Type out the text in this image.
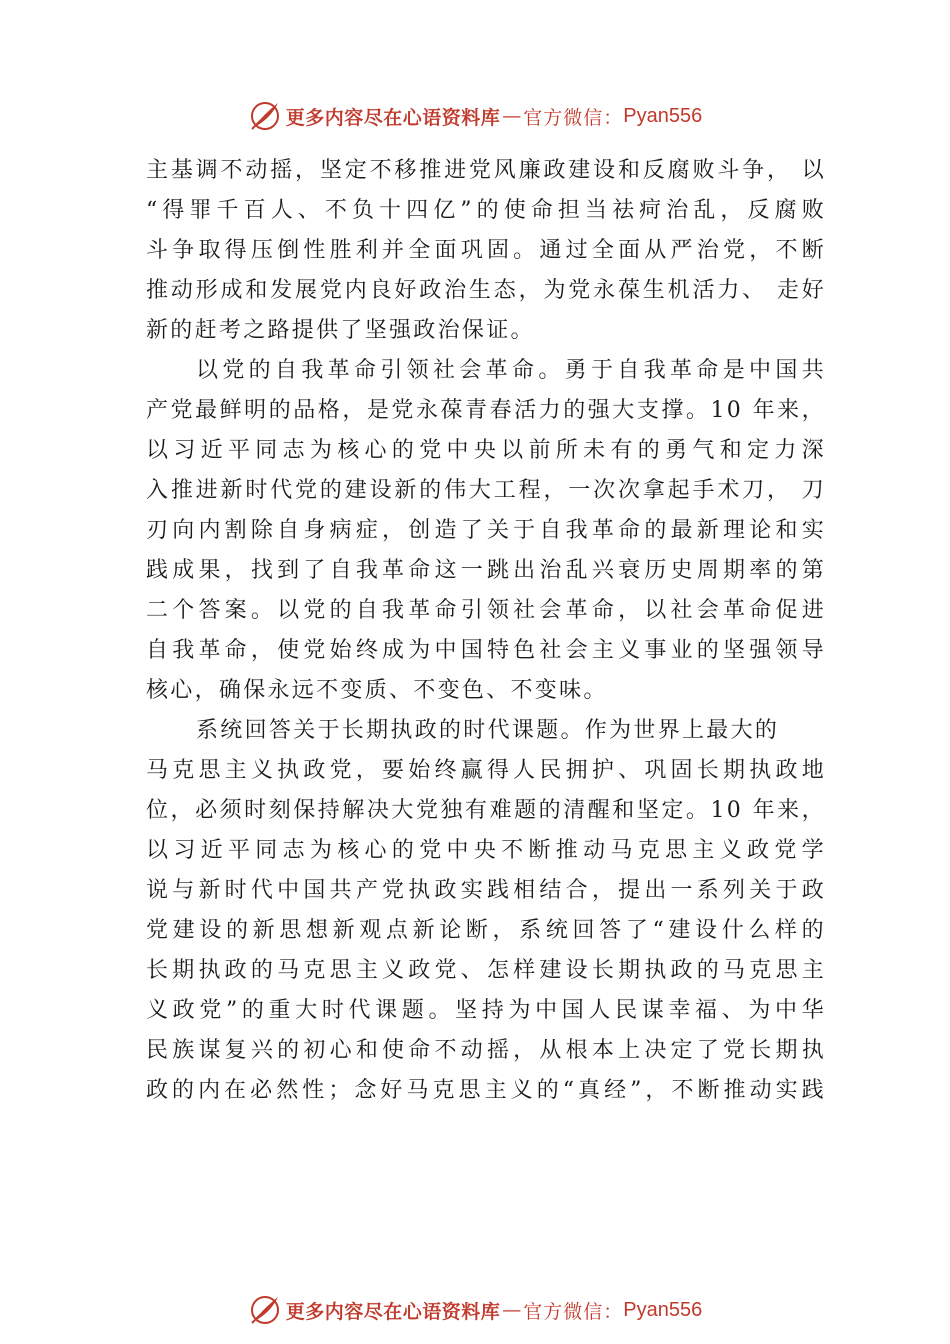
更多内容尽在心语资料库 — 官方微信： Pyan556
主基调不动摇，坚定不移推进党风廉政建设和反腐败斗争， 以
“得罪千百人、不负十四亿”的使命担当祛疴治乱，反腐败
斗争取得压倒性胜利并全面巩固。通过全面从严治党，不断
推动形成和发展党内良好政治生态，为党永葆生机活力、 走好
新的赶考之路提供了坚强政治保证。
以党的自我革命引领社会革命。勇于自我革命是中国共
产党最鲜明的品格，是党永葆青春活力的强大支撑。10 年来，
以习近平同志为核心的党中央以前所未有的勇气和定力深
入推进新时代党的建设新的伟大工程，一次次拿起手术刀， 刀
刃向内割除自身病症，创造了关于自我革命的最新理论和实
践成果，找到了自我革命这一跳出治乱兴衰历史周期率的第
二个答案。以党的自我革命引领社会革命，以社会革命促进
自我革命，使党始终成为中国特色社会主义事业的坚强领导
核心，确保永远不变质、不变色、不变味。
系统回答关于长期执政的时代课题。作为世界上最大的
马克思主义执政党，要始终赢得人民拥护、巩固长期执政地
位，必须时刻保持解决大党独有难题的清醒和坚定。10 年来，
以习近平同志为核心的党中央不断推动马克思主义政党学
说与新时代中国共产党执政实践相结合，提出一系列关于政
党建设的新思想新观点新论断，系统回答了“建设什么样的
长期执政的马克思主义政党、怎样建设长期执政的马克思主
义政党”的重大时代课题。坚持为中国人民谋幸福、为中华
民族谋复兴的初心和使命不动摇，从根本上决定了党长期执
政的内在必然性；念好马克思主义的“真经”，不断推动实践
更多内容尽在心语资料库 — 官方微信： Pyan556
